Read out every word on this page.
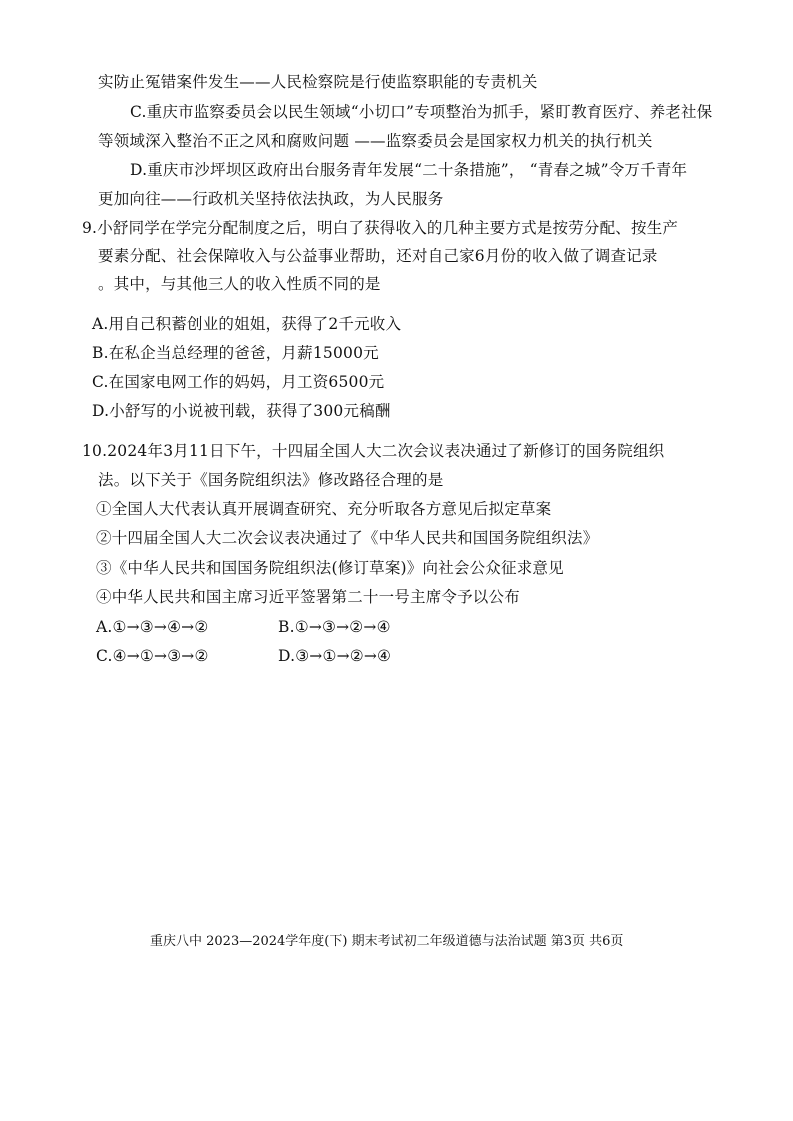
实防止冤错案件发生——人民检察院是行使监察职能的专责机关
C.重庆市监察委员会以民生领域“小切口”专项整治为抓手，紧盯教育医疗、养老社保
等领域深入整治不正之风和腐败问题 ——监察委员会是国家权力机关的执行机关
D.重庆市沙坪坝区政府出台服务青年发展“二十条措施”， “青春之城”令万千青年
更加向往——行政机关坚持依法执政，为人民服务
9.小舒同学在学完分配制度之后，明白了获得收入的几种主要方式是按劳分配、按生产
要素分配、社会保障收入与公益事业帮助，还对自己家6月份的收入做了调查记录
。其中，与其他三人的收入性质不同的是
A.用自己积蓄创业的姐姐，获得了2千元收入
B.在私企当总经理的爸爸，月薪15000元
C.在国家电网工作的妈妈，月工资6500元
D.小舒写的小说被刊载，获得了300元稿酬
10.2024年3月11日下午，十四届全国人大二次会议表决通过了新修订的国务院组织
法。以下关于《国务院组织法》修改路径合理的是
①全国人大代表认真开展调查研究、充分听取各方意见后拟定草案
②十四届全国人大二次会议表决通过了《中华人民共和国国务院组织法》
③《中华人民共和国国务院组织法(修订草案)》向社会公众征求意见
④中华人民共和国主席习近平签署第二十一号主席令予以公布
A.①→③→④→②	B.①→③→②→④
C.④→①→③→②	D.③→①→②→④
重庆八中 2023—2024学年度(下) 期末考试初二年级道德与法治试题 第3页 共6页
